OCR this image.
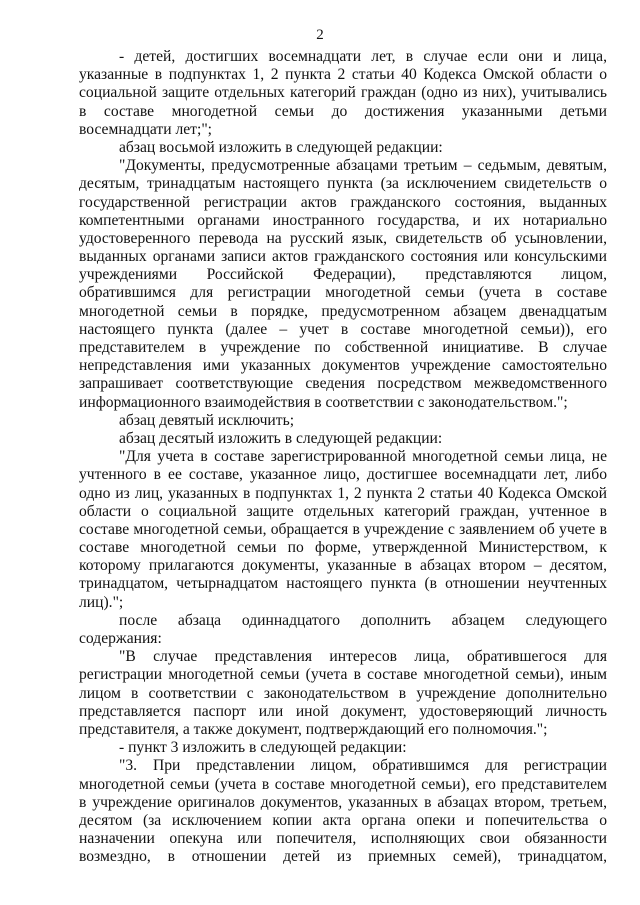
2
- детей, достигших восемнадцати лет, в случае если они и лица,
указанные в подпунктах 1, 2 пункта 2 статьи 40 Кодекса Омской области о
социальной защите отдельных категорий граждан (одно из них), учитывались
в составе многодетной семьи до достижения указанными детьми
восемнадцати лет;";
абзац восьмой изложить в следующей редакции:
"Документы, предусмотренные абзацами третьим – седьмым, девятым,
десятым, тринадцатым настоящего пункта (за исключением свидетельств о
государственной регистрации актов гражданского состояния, выданных
компетентными органами иностранного государства, и их нотариально
удостоверенного перевода на русский язык, свидетельств об усыновлении,
выданных органами записи актов гражданского состояния или консульскими
учреждениями Российской Федерации), представляются лицом,
обратившимся для регистрации многодетной семьи (учета в составе
многодетной семьи в порядке, предусмотренном абзацем двенадцатым
настоящего пункта (далее – учет в составе многодетной семьи)), его
представителем в учреждение по собственной инициативе. В случае
непредставления ими указанных документов учреждение самостоятельно
запрашивает соответствующие сведения посредством межведомственного
информационного взаимодействия в соответствии с законодательством.";
абзац девятый исключить;
абзац десятый изложить в следующей редакции:
"Для учета в составе зарегистрированной многодетной семьи лица, не
учтенного в ее составе, указанное лицо, достигшее восемнадцати лет, либо
одно из лиц, указанных в подпунктах 1, 2 пункта 2 статьи 40 Кодекса Омской
области о социальной защите отдельных категорий граждан, учтенное в
составе многодетной семьи, обращается в учреждение с заявлением об учете в
составе многодетной семьи по форме, утвержденной Министерством, к
которому прилагаются документы, указанные в абзацах втором – десятом,
тринадцатом, четырнадцатом настоящего пункта (в отношении неучтенных
лиц).";
после абзаца одиннадцатого дополнить абзацем следующего
содержания:
"В случае представления интересов лица, обратившегося для
регистрации многодетной семьи (учета в составе многодетной семьи), иным
лицом в соответствии с законодательством в учреждение дополнительно
представляется паспорт или иной документ, удостоверяющий личность
представителя, а также документ, подтверждающий его полномочия.";
- пункт 3 изложить в следующей редакции:
"3. При представлении лицом, обратившимся для регистрации
многодетной семьи (учета в составе многодетной семьи), его представителем
в учреждение оригиналов документов, указанных в абзацах втором, третьем,
десятом (за исключением копии акта органа опеки и попечительства о
назначении опекуна или попечителя, исполняющих свои обязанности
возмездно, в отношении детей из приемных семей), тринадцатом,
